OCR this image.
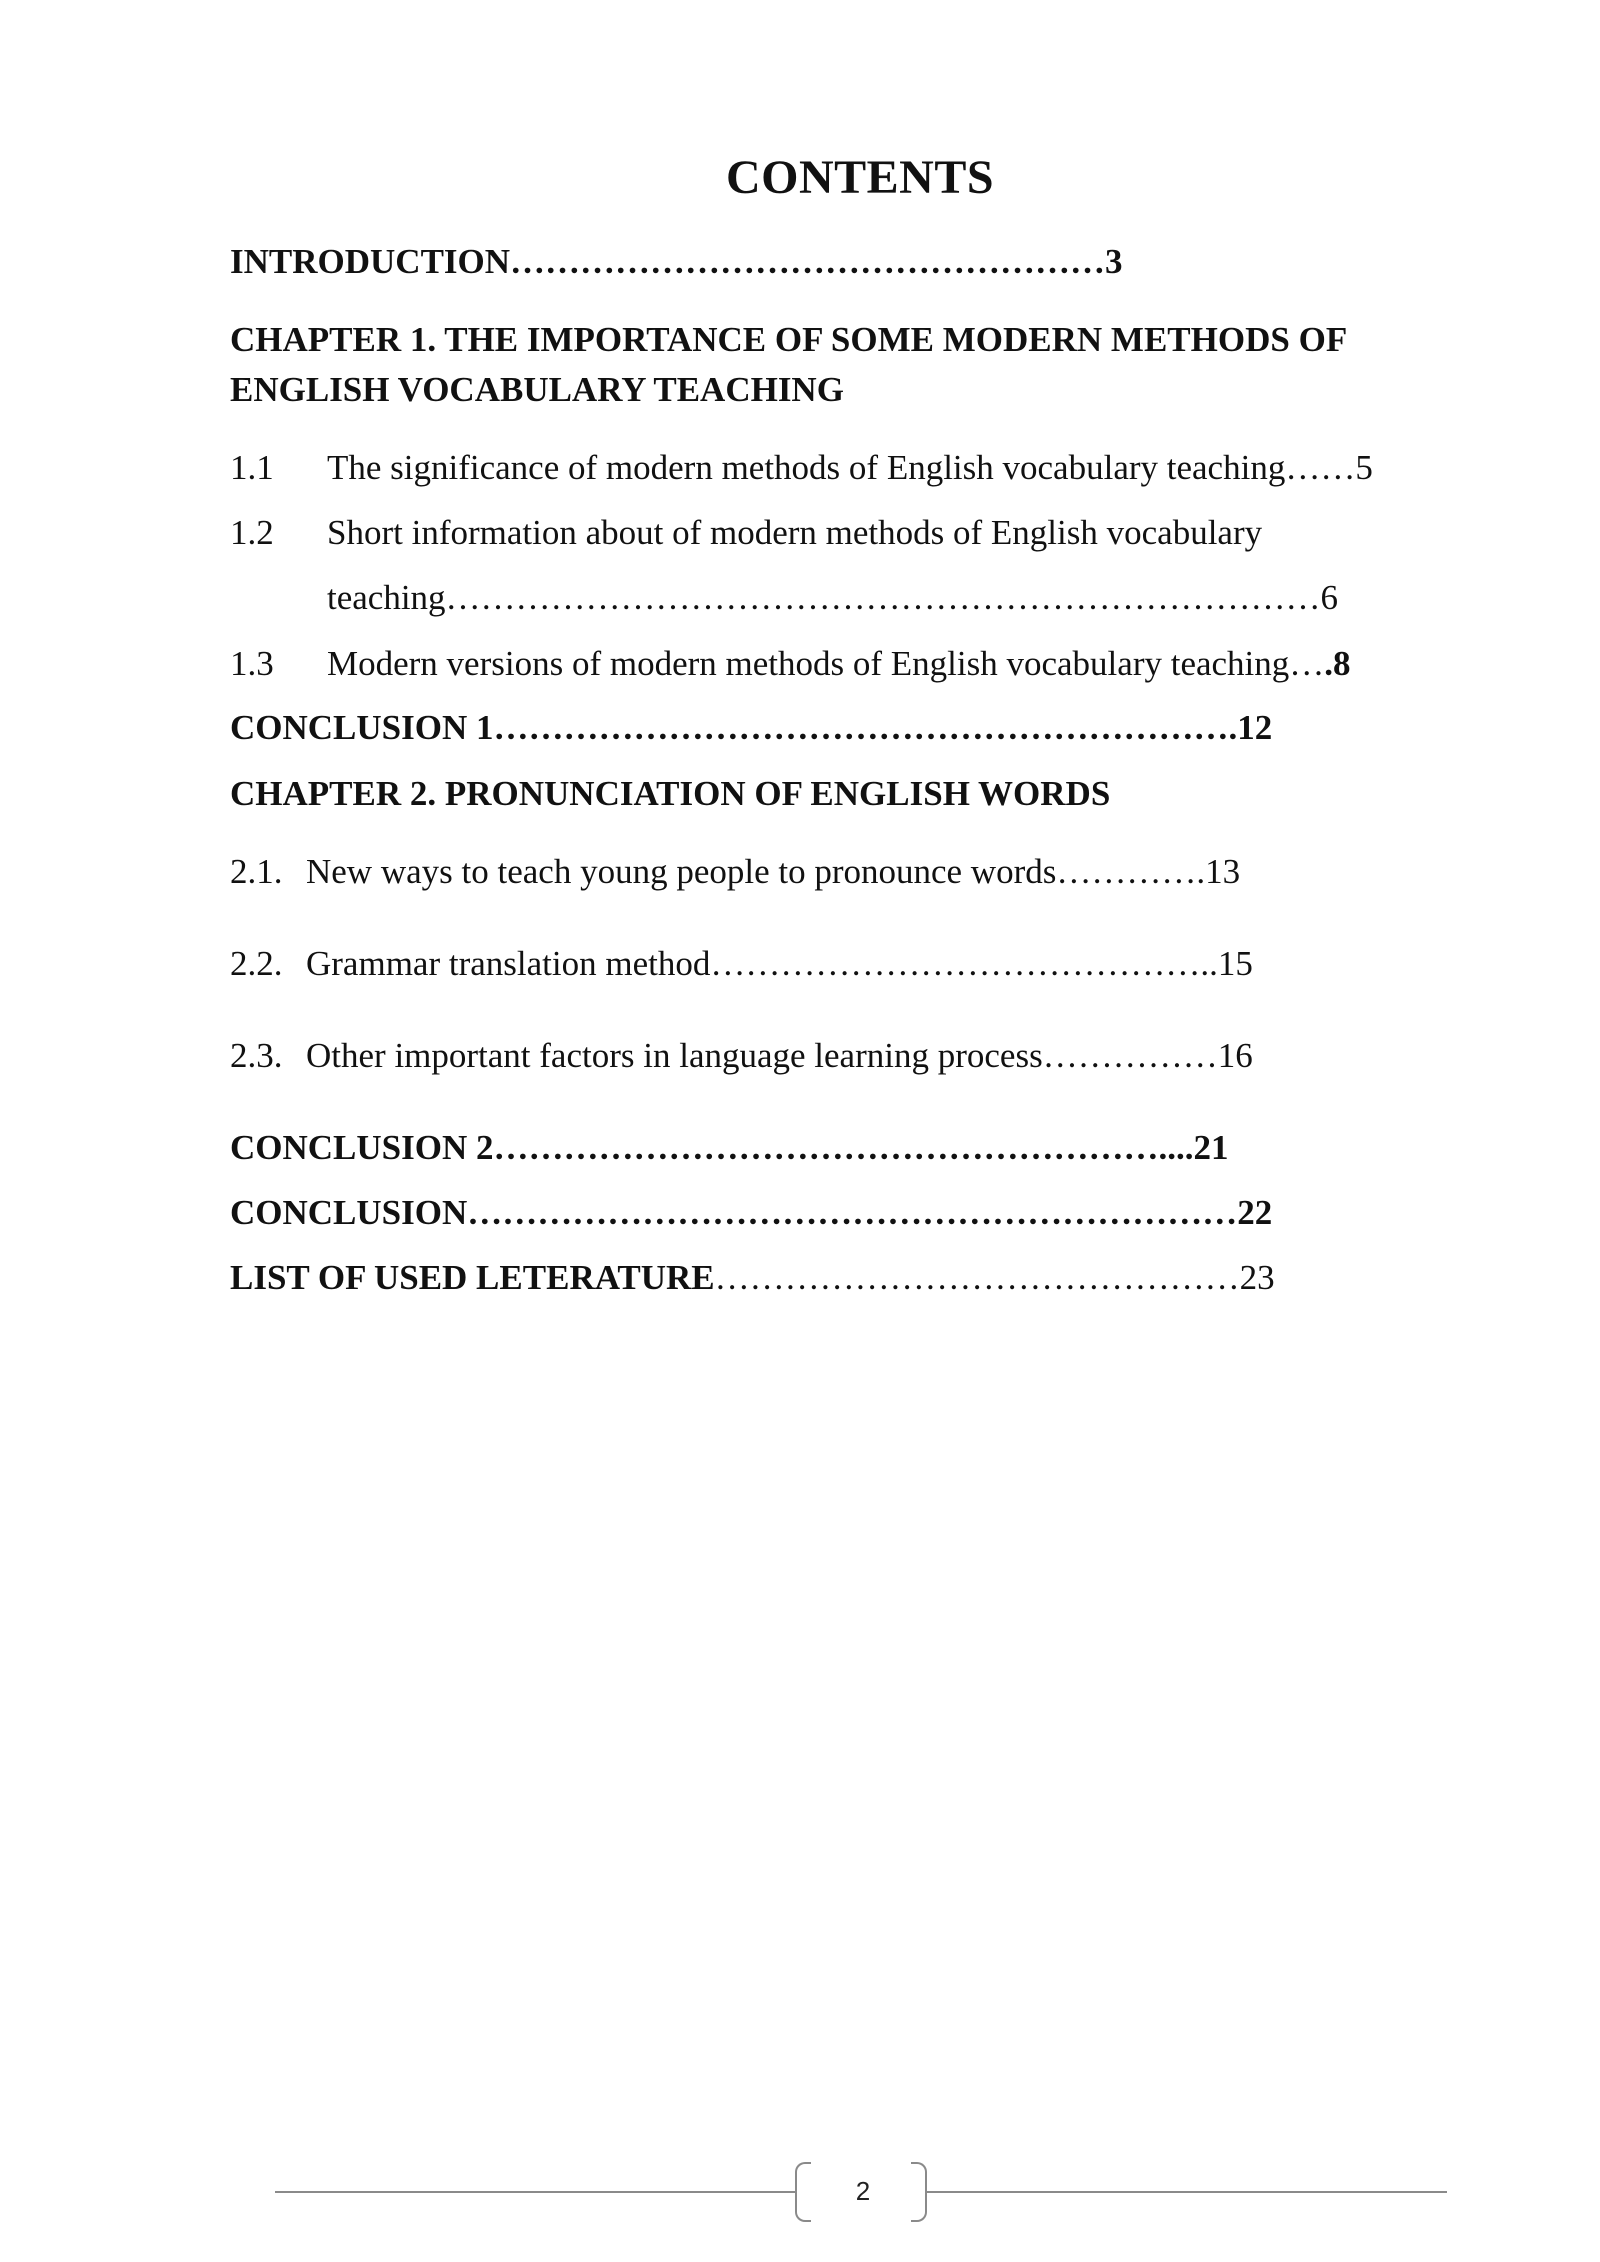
CONTENTS
INTRODUCTION……………………………………………3
CHAPTER 1. THE IMPORTANCE OF SOME MODERN METHODS OF
ENGLISH VOCABULARY TEACHING
1.1 The significance of modern methods of English vocabulary teaching……5
1.2 Short information about of modern methods of English vocabulary
teaching…………………………………………………………………6
1.3 Modern versions of modern methods of English vocabulary teaching….8
CONCLUSION 1……………………………………………………….12
CHAPTER 2. PRONUNCIATION OF ENGLISH WORDS
2.1. New ways to teach young people to pronounce words………….13
2.2. Grammar translation method……………………………………..15
2.3. Other important factors in language learning process……………16
CONCLUSION 2…………………………………………………....21
CONCLUSION…………………………………………………………22
LIST OF USED LETERATURE………………………………………23
2
